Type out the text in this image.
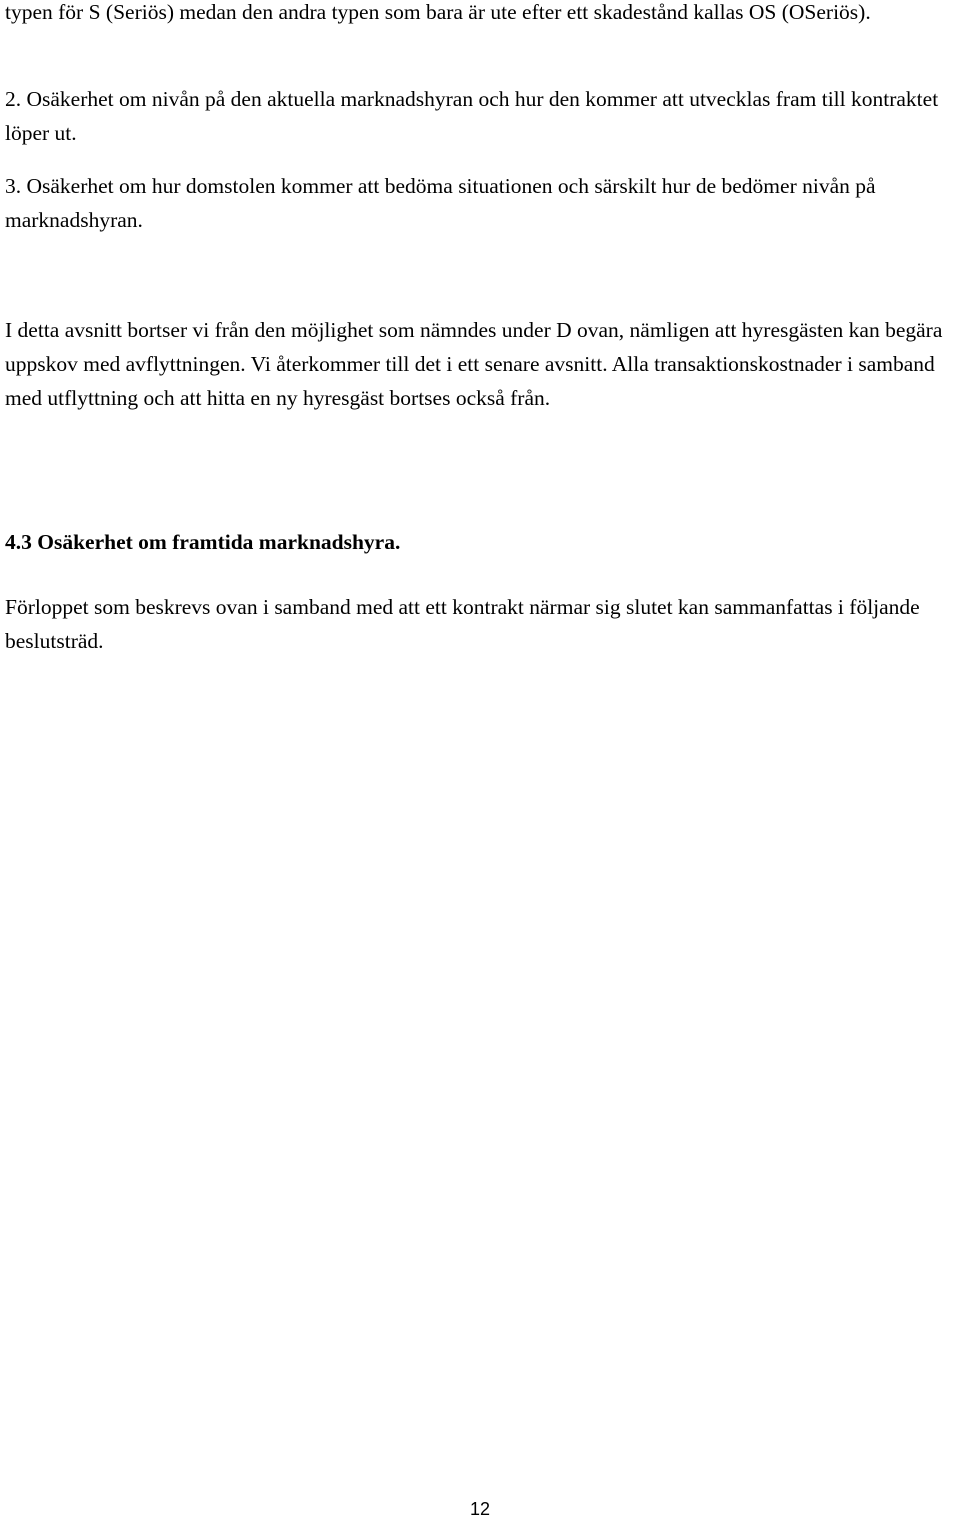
typen för S (Seriös) medan den andra typen som bara är ute efter ett skadestånd kallas OS (OSeriös).

2. Osäkerhet om nivån på den aktuella marknadshyran och hur den kommer att utvecklas fram till kontraktet löper ut.

3. Osäkerhet om hur domstolen kommer att bedöma situationen och särskilt hur de bedömer nivån på marknadshyran.

I detta avsnitt bortser vi från den möjlighet som nämndes under D ovan, nämligen att hyresgästen kan begära uppskov med avflyttningen. Vi återkommer till det i ett senare avsnitt. Alla transaktionskostnader i samband med utflyttning och att hitta en ny hyresgäst bortses också från.

4.3 Osäkerhet om framtida marknadshyra.

Förloppet som beskrevs ovan i samband med att ett kontrakt närmar sig slutet kan sammanfattas i följande beslutsträd.

12
